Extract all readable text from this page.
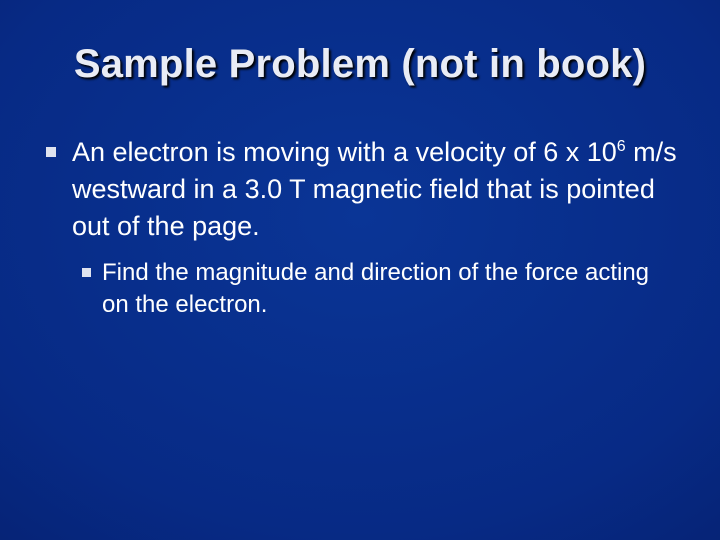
Sample Problem (not in book)
An electron is moving with a velocity of 6 x $10^6$ m/s westward in a 3.0 T magnetic field that is pointed out of the page.
Find the magnitude and direction of the force acting on the electron.
